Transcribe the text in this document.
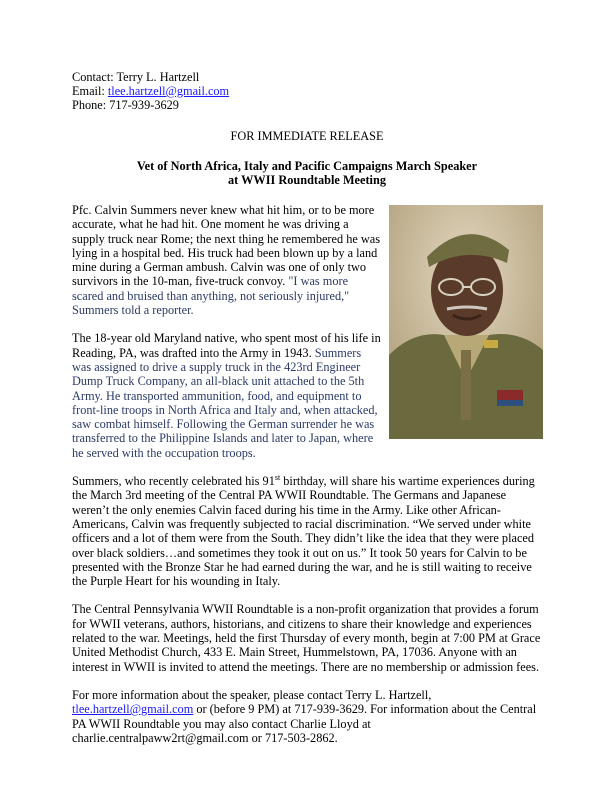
Contact: Terry L. Hartzell

Email: tlee.hartzell@gmail.com

Phone: 717-939-3629

FOR IMMEDIATE RELEASE
Vet of North Africa, Italy and Pacific Campaigns March Speaker
at WWII Roundtable Meeting

Pfc. Calvin Summers never knew what hit him, or to be more accurate, what he had hit. One moment he was driving a supply truck near Rome; the next thing he remembered he was lying in a hospital bed. His truck had been blown up by a land mine during a German ambush. Calvin was one of only two survivors in the 10-man, five-truck convoy. "I was more scared and bruised than anything, not seriously injured," Summers told a reporter.

The 18-year old Maryland native, who spent most of his life in Reading, PA, was drafted into the Army in 1943. Summers was assigned to drive a supply truck in the 423rd Engineer Dump Truck Company, an all-black unit attached to the 5th Army. He transported ammunition, food, and equipment to front-line troops in North Africa and Italy and, when attacked, saw combat himself. Following the German surrender he was transferred to the Philippine Islands and later to Japan, where he served with the occupation troops.

Summers, who recently celebrated his 91st birthday, will share his wartime experiences during the March 3rd meeting of the Central PA WWII Roundtable. The Germans and Japanese weren’t the only enemies Calvin faced during his time in the Army. Like other African-Americans, Calvin was frequently subjected to racial discrimination. “We served under white officers and a lot of them were from the South. They didn’t like the idea that they were placed over black soldiers…and sometimes they took it out on us.” It took 50 years for Calvin to be presented with the Bronze Star he had earned during the war, and he is still waiting to receive the Purple Heart for his wounding in Italy.

The Central Pennsylvania WWII Roundtable is a non-profit organization that provides a forum for WWII veterans, authors, historians, and citizens to share their knowledge and experiences related to the war. Meetings, held the first Thursday of every month, begin at 7:00 PM at Grace United Methodist Church, 433 E. Main Street, Hummelstown, PA, 17036. Anyone with an interest in WWII is invited to attend the meetings. There are no membership or admission fees.

For more information about the speaker, please contact Terry L. Hartzell,
tlee.hartzell@gmail.com or (before 9 PM) at 717-939-3629. For information about the Central PA WWII Roundtable you may also contact Charlie Lloyd at charlie.centralpaww2rt@gmail.com or 717-503-2862.
